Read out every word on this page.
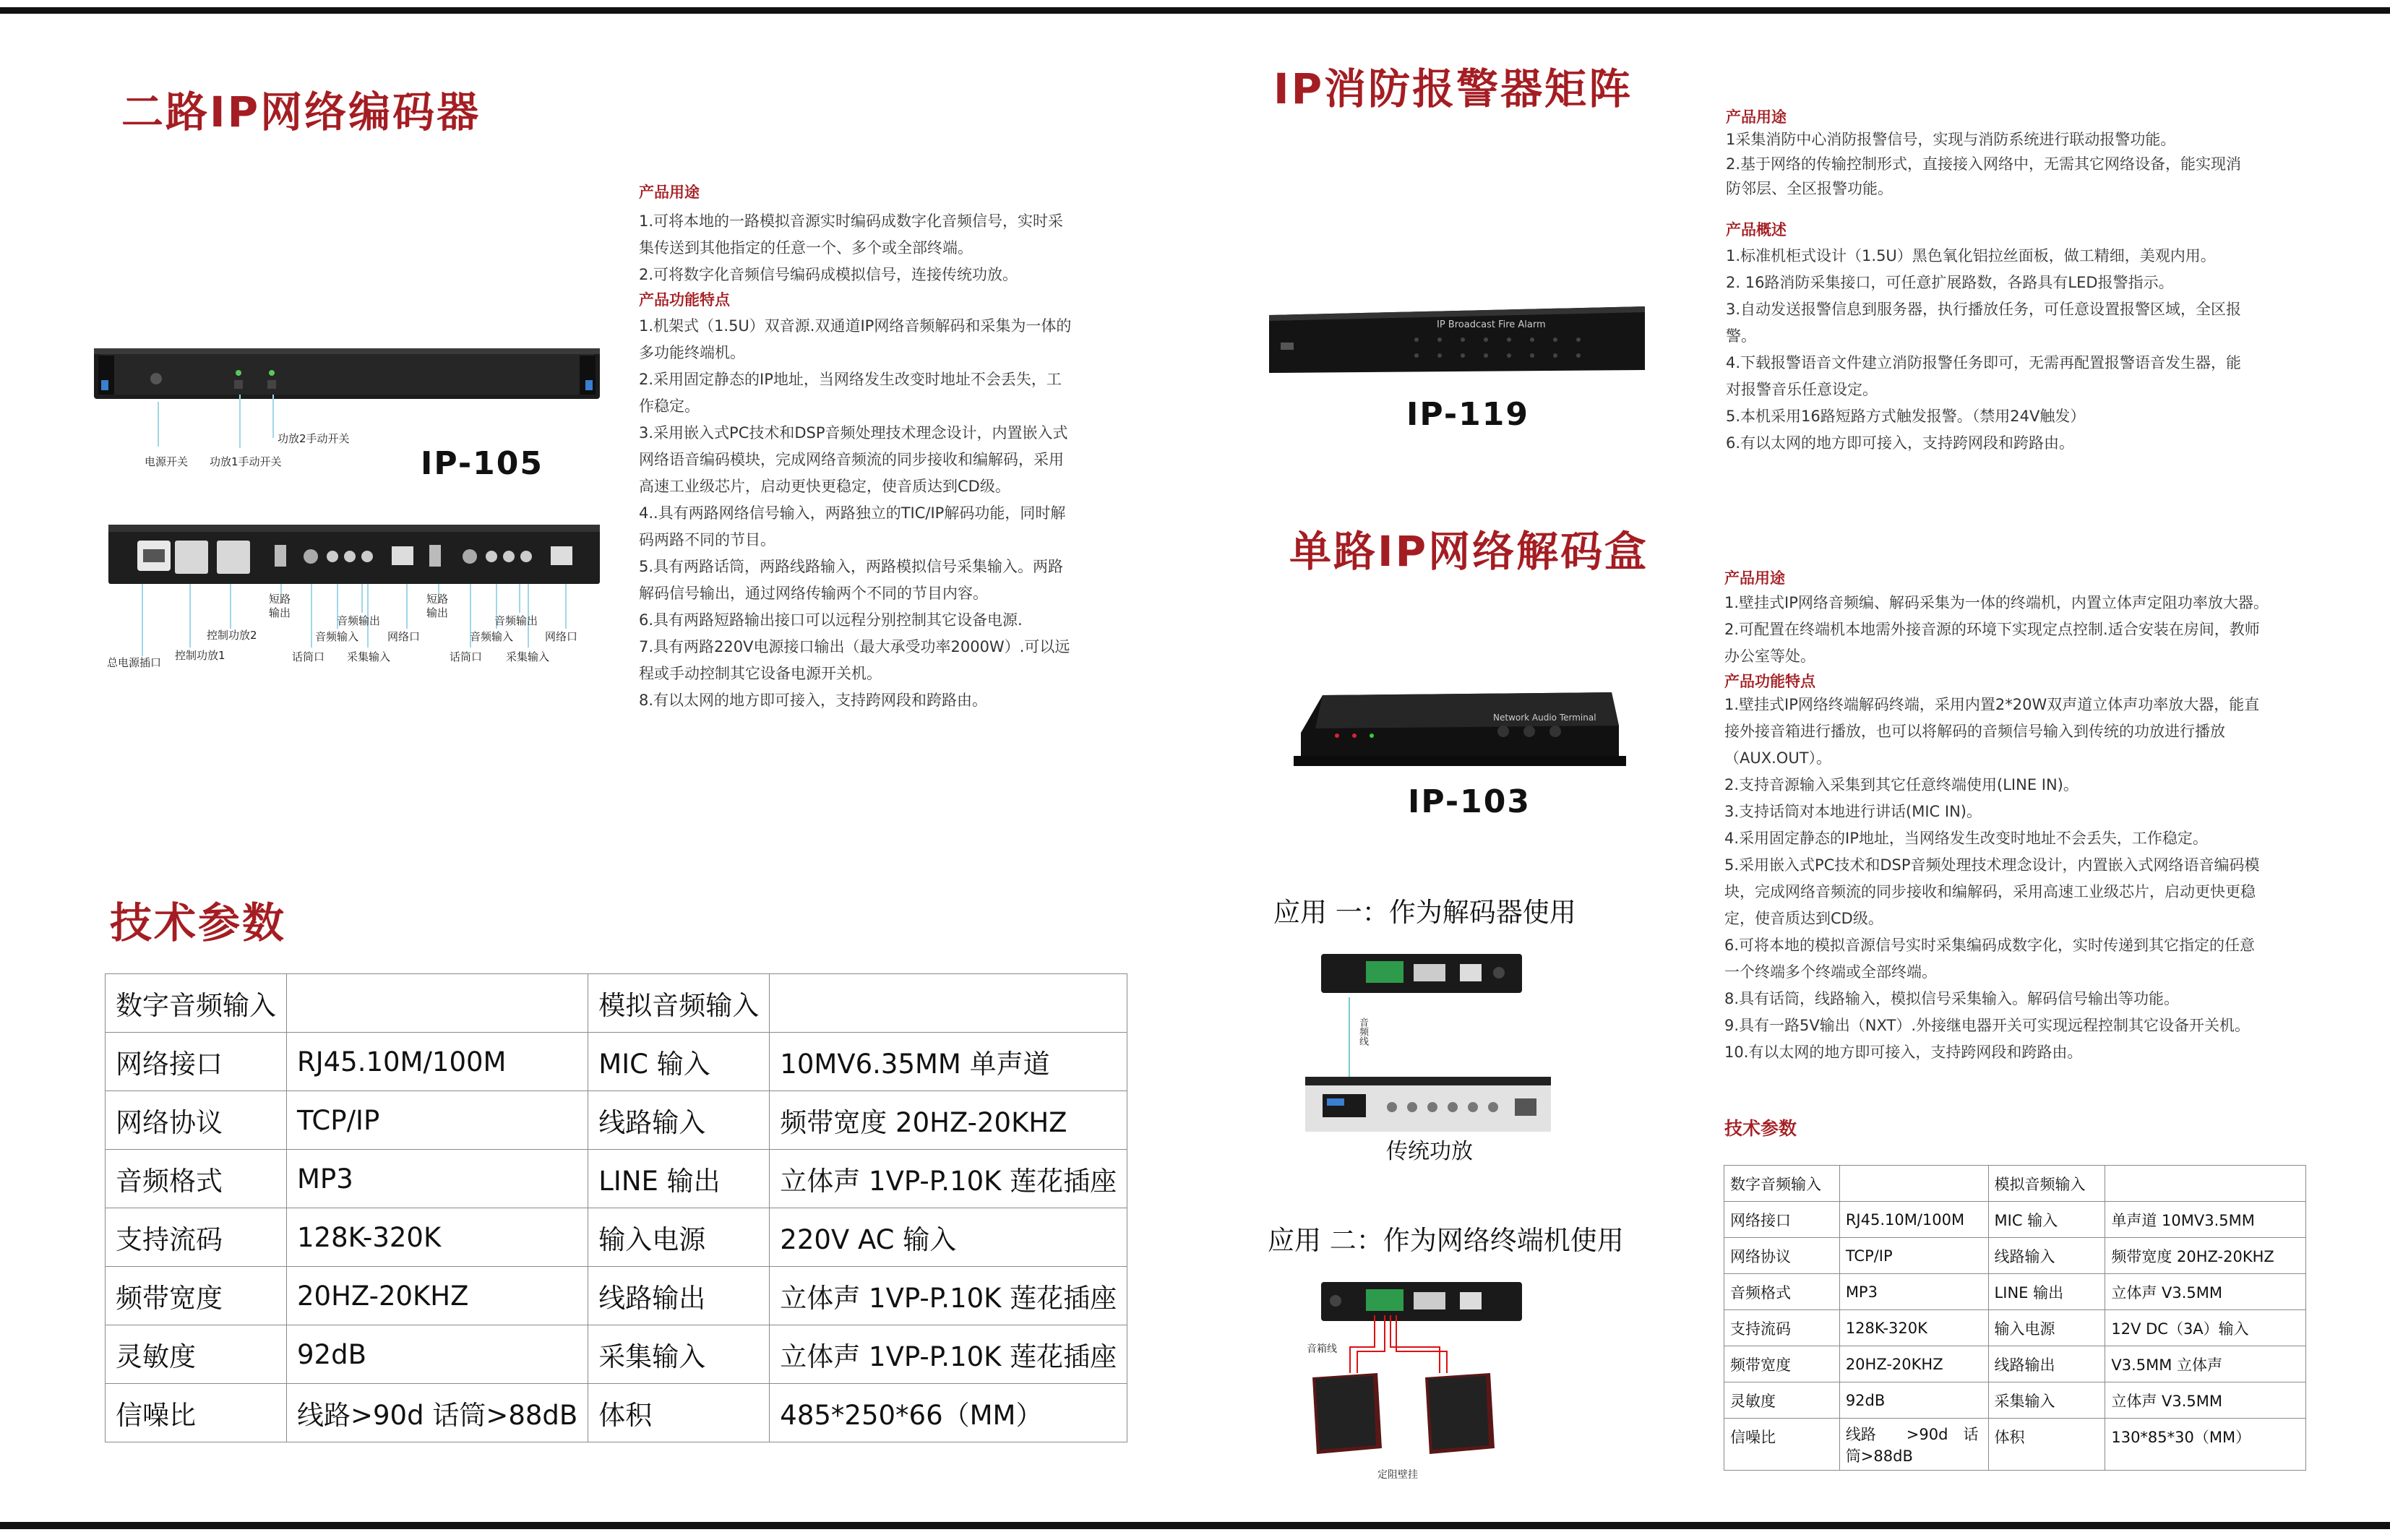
二路IP网络编码器
电源开关 功放1手动开关
功放2手动开关
IP-105
总电源插口
控制功放1
控制功放2
短路输出
话筒口
音频输入
音频输出
采集输入
网络口
短路输出
话筒口
音频输入
音频输出
采集输入
网络口
产品用途

1.可将本地的一路模拟音源实时编码成数字化音频信号，实时采

集传送到其他指定的任意一个、多个或全部终端。

2.可将数字化音频信号编码成模拟信号，连接传统功放。

产品功能特点

1.机架式（1.5U）双音源.双通道IP网络音频解码和采集为一体的

多功能终端机。

2.采用固定静态的IP地址，当网络发生改变时地址不会丢失，工

作稳定。

3.采用嵌入式PC技术和DSP音频处理技术理念设计，内置嵌入式

网络语音编码模块，完成网络音频流的同步接收和编解码，采用

高速工业级芯片，启动更快更稳定，使音质达到CD级。

4..具有两路网络信号输入，两路独立的TIC/IP解码功能，同时解

码两路不同的节目。

5.具有两路话筒，两路线路输入，两路模拟信号采集输入。两路

解码信号输出，通过网络传输两个不同的节目内容。

6.具有两路短路输出接口可以远程分别控制其它设备电源.

7.具有两路220V电源接口输出（最大承受功率2000W）.可以远

程或手动控制其它设备电源开关机。

8.有以太网的地方即可接入，支持跨网段和跨路由。

技术参数
数字音频输入		模拟音频输入	
网络接口	RJ45.10M/100M	MIC 输入	10MV6.35MM 单声道
网络协议	TCP/IP	线路输入	频带宽度 20HZ-20KHZ
音频格式	MP3	LINE 输出	立体声 1VP-P.10K 莲花插座
支持流码	128K-320K	输入电源	220V AC 输入
频带宽度	20HZ-20KHZ	线路输出	立体声 1VP-P.10K 莲花插座
灵敏度	92dB	采集输入	立体声 1VP-P.10K 莲花插座
信噪比	线路>90d 话筒>88dB	体积	485*250*66（MM）
IP消防报警器矩阵
IP Broadcast Fire Alarm
IP-119
产品用途

1采集消防中心消防报警信号，实现与消防系统进行联动报警功能。

2.基于网络的传输控制形式，直接接入网络中，无需其它网络设备，能实现消

防邻层、全区报警功能。

产品概述

1.标准机柜式设计（1.5U）黑色氧化铝拉丝面板，做工精细，美观内用。

2. 16路消防采集接口，可任意扩展路数，各路具有LED报警指示。

3.自动发送报警信息到服务器，执行播放任务，可任意设置报警区域，全区报

警。

4.下载报警语音文件建立消防报警任务即可，无需再配置报警语音发生器，能

对报警音乐任意设定。

5.本机采用16路短路方式触发报警。（禁用24V触发）

6.有以太网的地方即可接入，支持跨网段和跨路由。

单路IP网络解码盒
Network Audio Terminal
IP-103
应用 一：作为解码器使用
音频线
传统功放
应用 二：作为网络终端机使用
音箱线
定阻壁挂
产品用途

1.壁挂式IP网络音频编、解码采集为一体的终端机，内置立体声定阻功率放大器。

2.可配置在终端机本地需外接音源的环境下实现定点控制.适合安装在房间，教师

办公室等处。

产品功能特点

1.壁挂式IP网络终端解码终端，采用内置2*20W双声道立体声功率放大器，能直

接外接音箱进行播放，也可以将解码的音频信号输入到传统的功放进行播放

（AUX.OUT）。

2.支持音源输入采集到其它任意终端使用(LINE IN)。

3.支持话筒对本地进行讲话(MIC IN)。

4.采用固定静态的IP地址，当网络发生改变时地址不会丢失，工作稳定。

5.采用嵌入式PC技术和DSP音频处理技术理念设计，内置嵌入式网络语音编码模

块，完成网络音频流的同步接收和编解码，采用高速工业级芯片，启动更快更稳

定，使音质达到CD级。

6.可将本地的模拟音源信号实时采集编码成数字化，实时传递到其它指定的任意

一个终端多个终端或全部终端。

8.具有话筒，线路输入，模拟信号采集输入。解码信号输出等功能。

9.具有一路5V输出（NXT）.外接继电器开关可实现远程控制其它设备开关机。

10.有以太网的地方即可接入，支持跨网段和跨路由。

技术参数
数字音频输入		模拟音频输入	
网络接口	RJ45.10M/100M	MIC 输入	单声道 10MV3.5MM
网络协议	TCP/IP	线路输入	频带宽度 20HZ-20KHZ
音频格式	MP3	LINE 输出	立体声 V3.5MM
支持流码	128K-320K	输入电源	12V DC（3A）输入
频带宽度	20HZ-20KHZ	线路输出	V3.5MM 立体声
灵敏度	92dB	采集输入	立体声 V3.5MM
信噪比	线路　　>90d　话筒>88dB	体积	130*85*30（MM）
